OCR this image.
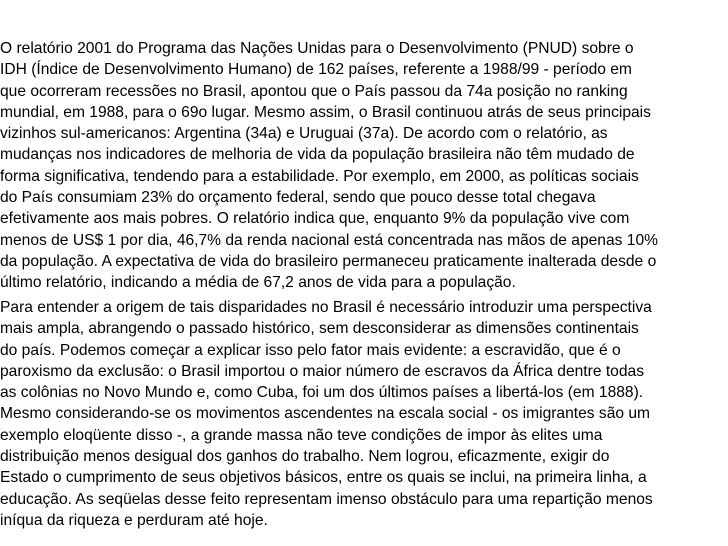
O relatório 2001 do Programa das Nações Unidas para o Desenvolvimento (PNUD) sobre o
IDH (Índice de Desenvolvimento Humano) de 162 países, referente a 1988/99 - período em
que ocorreram recessões no Brasil, apontou que o País passou da 74a posição no ranking
mundial, em 1988, para o 69o lugar. Mesmo assim, o Brasil continuou atrás de seus principais
vizinhos sul-americanos: Argentina (34a) e Uruguai (37a). De acordo com o relatório, as
mudanças nos indicadores de melhoria de vida da população brasileira não têm mudado de
forma significativa, tendendo para a estabilidade. Por exemplo, em 2000, as políticas sociais
do País consumiam 23% do orçamento federal, sendo que pouco desse total chegava
efetivamente aos mais pobres. O relatório indica que, enquanto 9% da população vive com
menos de US$ 1 por dia, 46,7% da renda nacional está concentrada nas mãos de apenas 10%
da população. A expectativa de vida do brasileiro permaneceu praticamente inalterada desde o
último relatório, indicando a média de 67,2 anos de vida para a população.
Para entender a origem de tais disparidades no Brasil é necessário introduzir uma perspectiva
mais ampla, abrangendo o passado histórico, sem desconsiderar as dimensões continentais
do país. Podemos começar a explicar isso pelo fator mais evidente: a escravidão, que é o
paroxismo da exclusão: o Brasil importou o maior número de escravos da África dentre todas
as colônias no Novo Mundo e, como Cuba, foi um dos últimos países a libertá-los (em 1888).
Mesmo considerando-se os movimentos ascendentes na escala social - os imigrantes são um
exemplo eloqüente disso -, a grande massa não teve condições de impor às elites uma
distribuição menos desigual dos ganhos do trabalho. Nem logrou, eficazmente, exigir do
Estado o cumprimento de seus objetivos básicos, entre os quais se inclui, na primeira linha, a
educação. As seqüelas desse feito representam imenso obstáculo para uma repartição menos
iníqua da riqueza e perduram até hoje.
